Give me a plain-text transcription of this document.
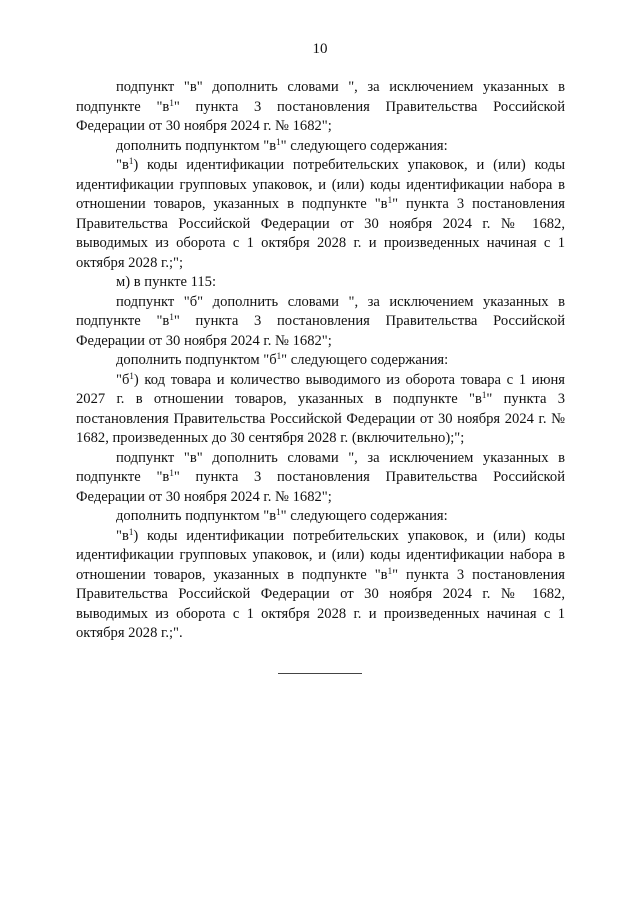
10

подпункт "в" дополнить словами ", за исключением указанных в подпункте "$в^1$" пункта 3 постановления Правительства Российской Федерации от 30 ноября 2024 г. № 1682";

дополнить подпунктом "$в^1$" следующего содержания:

"$в^1$) коды идентификации потребительских упаковок, и (или) коды идентификации групповых упаковок, и (или) коды идентификации набора в отношении товаров, указанных в подпункте "$в^1$" пункта 3 постановления Правительства Российской Федерации от 30 ноября 2024 г. № 1682, выводимых из оборота с 1 октября 2028 г. и произведенных начиная с 1 октября 2028 г.;";

м) в пункте 115:

подпункт "б" дополнить словами ", за исключением указанных в подпункте "$в^1$" пункта 3 постановления Правительства Российской Федерации от 30 ноября 2024 г. № 1682";

дополнить подпунктом "$б^1$" следующего содержания:

"$б^1$) код товара и количество выводимого из оборота товара с 1 июня 2027 г. в отношении товаров, указанных в подпункте "$в^1$" пункта 3 постановления Правительства Российской Федерации от 30 ноября 2024 г. № 1682, произведенных до 30 сентября 2028 г. (включительно);";

подпункт "в" дополнить словами ", за исключением указанных в подпункте "$в^1$" пункта 3 постановления Правительства Российской Федерации от 30 ноября 2024 г. № 1682";

дополнить подпунктом "$в^1$" следующего содержания:

"$в^1$) коды идентификации потребительских упаковок, и (или) коды идентификации групповых упаковок, и (или) коды идентификации набора в отношении товаров, указанных в подпункте "$в^1$" пункта 3 постановления Правительства Российской Федерации от 30 ноября 2024 г. № 1682, выводимых из оборота с 1 октября 2028 г. и произведенных начиная с 1 октября 2028 г.;".
